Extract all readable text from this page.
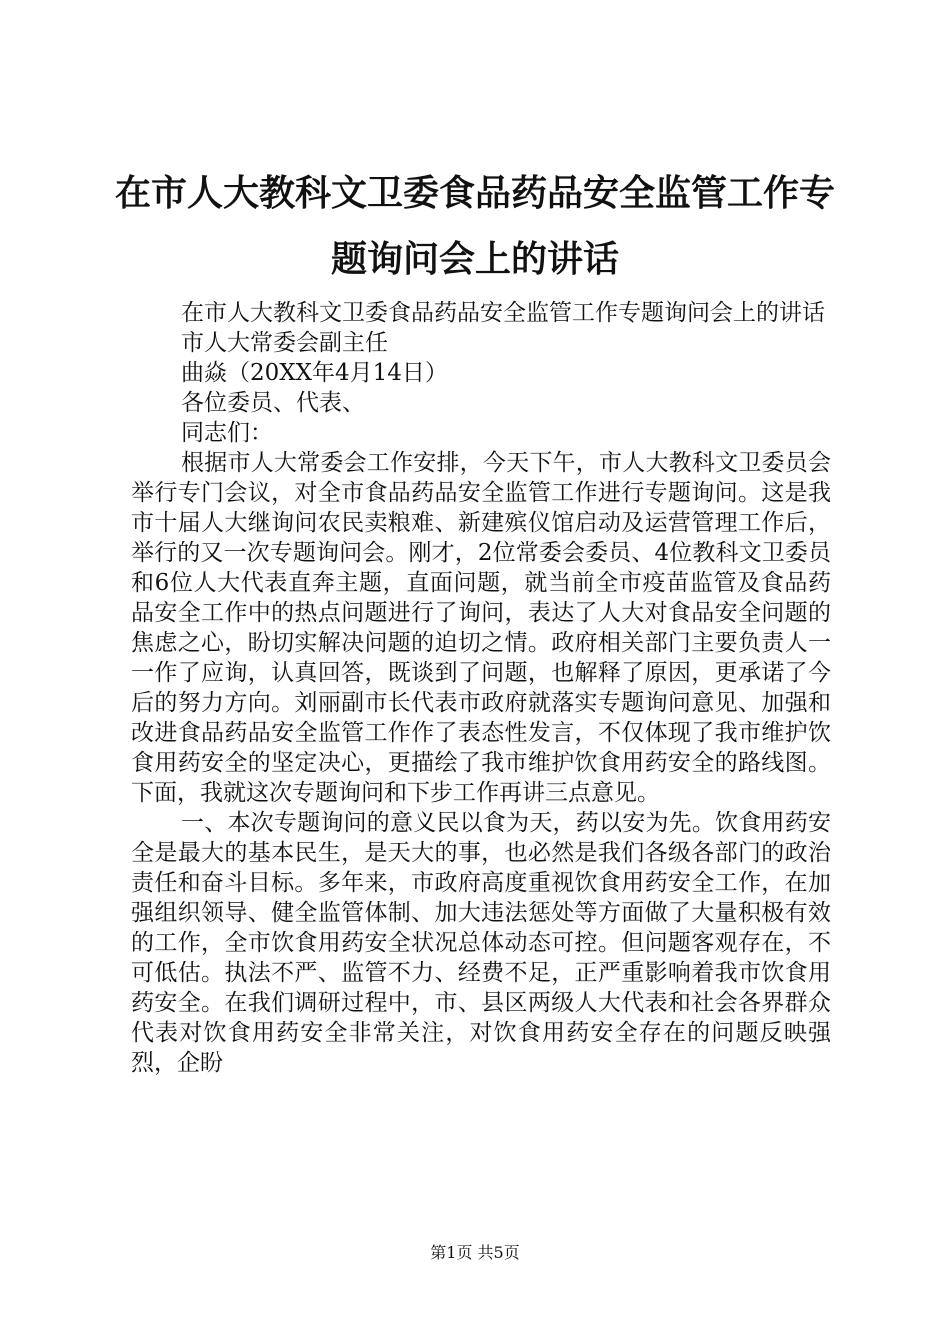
在市人大教科文卫委食品药品安全监管工作专题询问会上的讲话

在市人大教科文卫委食品药品安全监管工作专题询问会上的讲话

市人大常委会副主任

曲焱（20XX年4月14日）

各位委员、代表、

同志们：

根据市人大常委会工作安排，今天下午，市人大教科文卫委员会举行专门会议，对全市食品药品安全监管工作进行专题询问。这是我市十届人大继询问农民卖粮难、新建殡仪馆启动及运营管理工作后，举行的又一次专题询问会。刚才，2位常委会委员、4位教科文卫委员和6位人大代表直奔主题，直面问题，就当前全市疫苗监管及食品药品安全工作中的热点问题进行了询问，表达了人大对食品安全问题的焦虑之心，盼切实解决问题的迫切之情。政府相关部门主要负责人一一作了应询，认真回答，既谈到了问题，也解释了原因，更承诺了今后的努力方向。刘丽副市长代表市政府就落实专题询问意见、加强和改进食品药品安全监管工作作了表态性发言，不仅体现了我市维护饮食用药安全的坚定决心，更描绘了我市维护饮食用药安全的路线图。下面，我就这次专题询问和下步工作再讲三点意见。

一、本次专题询问的意义民以食为天，药以安为先。饮食用药安全是最大的基本民生，是天大的事，也必然是我们各级各部门的政治责任和奋斗目标。多年来，市政府高度重视饮食用药安全工作，在加强组织领导、健全监管体制、加大违法惩处等方面做了大量积极有效的工作，全市饮食用药安全状况总体动态可控。但问题客观存在，不可低估。执法不严、监管不力、经费不足，正严重影响着我市饮食用药安全。在我们调研过程中，市、县区两级人大代表和社会各界群众代表对饮食用药安全非常关注，对饮食用药安全存在的问题反映强烈，企盼

第1页 共5页
